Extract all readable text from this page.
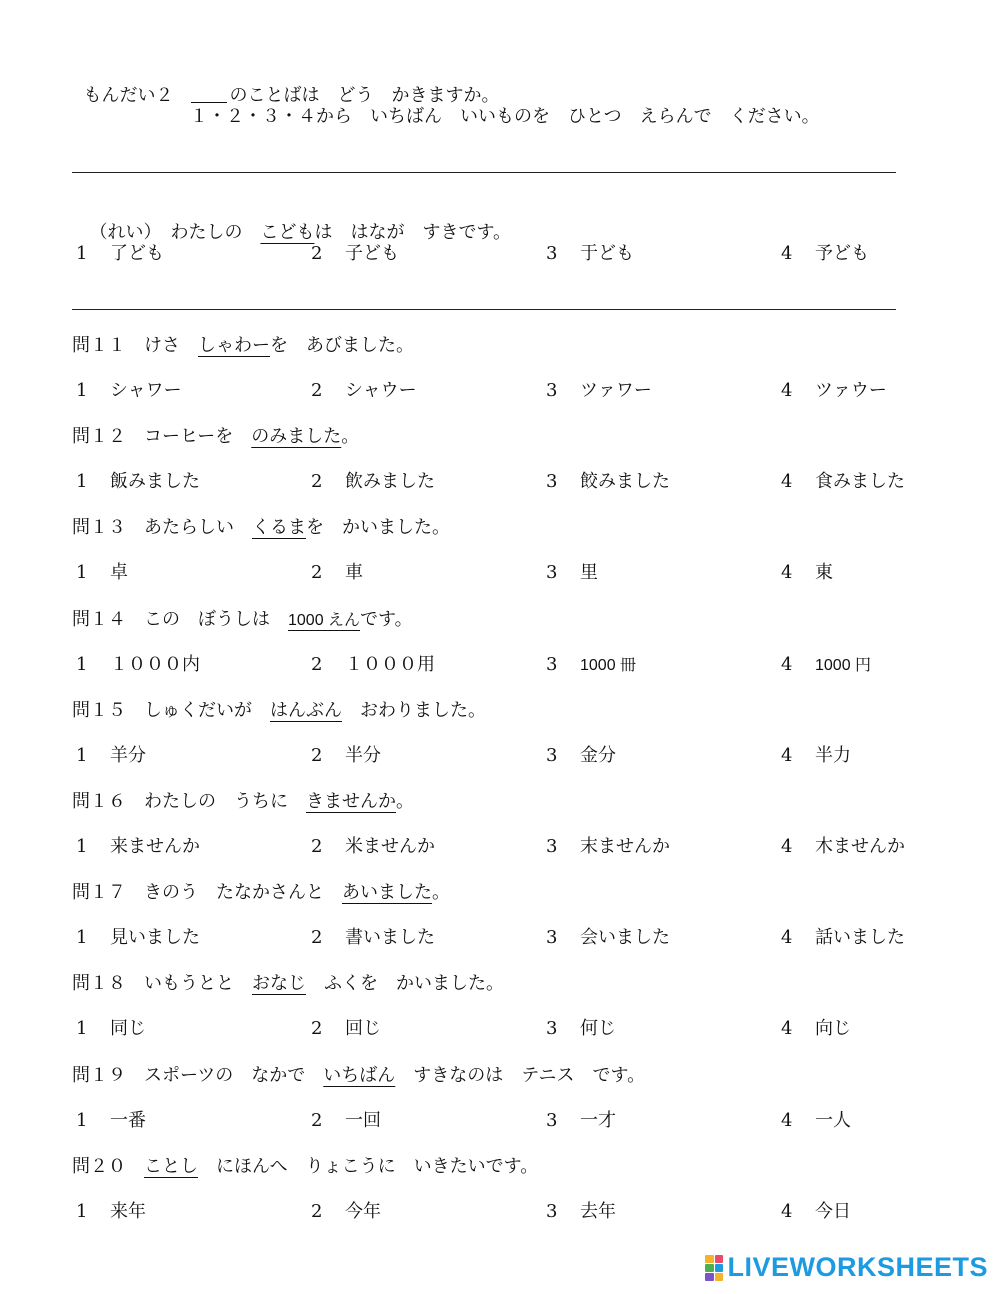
もんだい２　	のことばは　どう　かきますか。

１・２・３・４から　いちばん　いいものを　ひとつ　えらんで　ください。

（れい）　わたしの　こどもは　はなが　すきです。

1 了ども	2 子ども	3 于ども	4 予ども
問１１　 けさ　しゃわーを　あびました。
1 シャワー	2 シャウー	3 ツァワー	4 ツァウー
問１２　 コーヒーを　のみました。
1 飯みました	2 飲みました	3 餃みました	4 食みました
問１３　 あたらしい　くるまを　かいました。
1 卓	2 車	3 里	4 東
問１４　 この　ぼうしは　1000 えんです。
1 １０００内	2 １０００用	3 1000 冊	4 1000 円
問１５　 しゅくだいが　はんぶん　おわりました。
1 羊分	2 半分	3 金分	4 半力
問１６　 わたしの　うちに　きませんか。
1 来ませんか	2 米ませんか	3 末ませんか	4 木ませんか
問１７　 きのう　たなかさんと　あいました。
1 見いました	2 書いました	3 会いました	4 話いました
問１８　 いもうとと　おなじ　ふくを　かいました。
1 同じ	2 回じ	3 何じ	4 向じ
問１９　 スポーツの　なかで　いちばん　すきなのは　テニス　です。
1 一番	2 一回	3 一才	4 一人
問２０　 ことし　にほんへ　りょこうに　いきたいです。
1 来年	2 今年	3 去年	4 今日
LIVEWORKSHEETS
